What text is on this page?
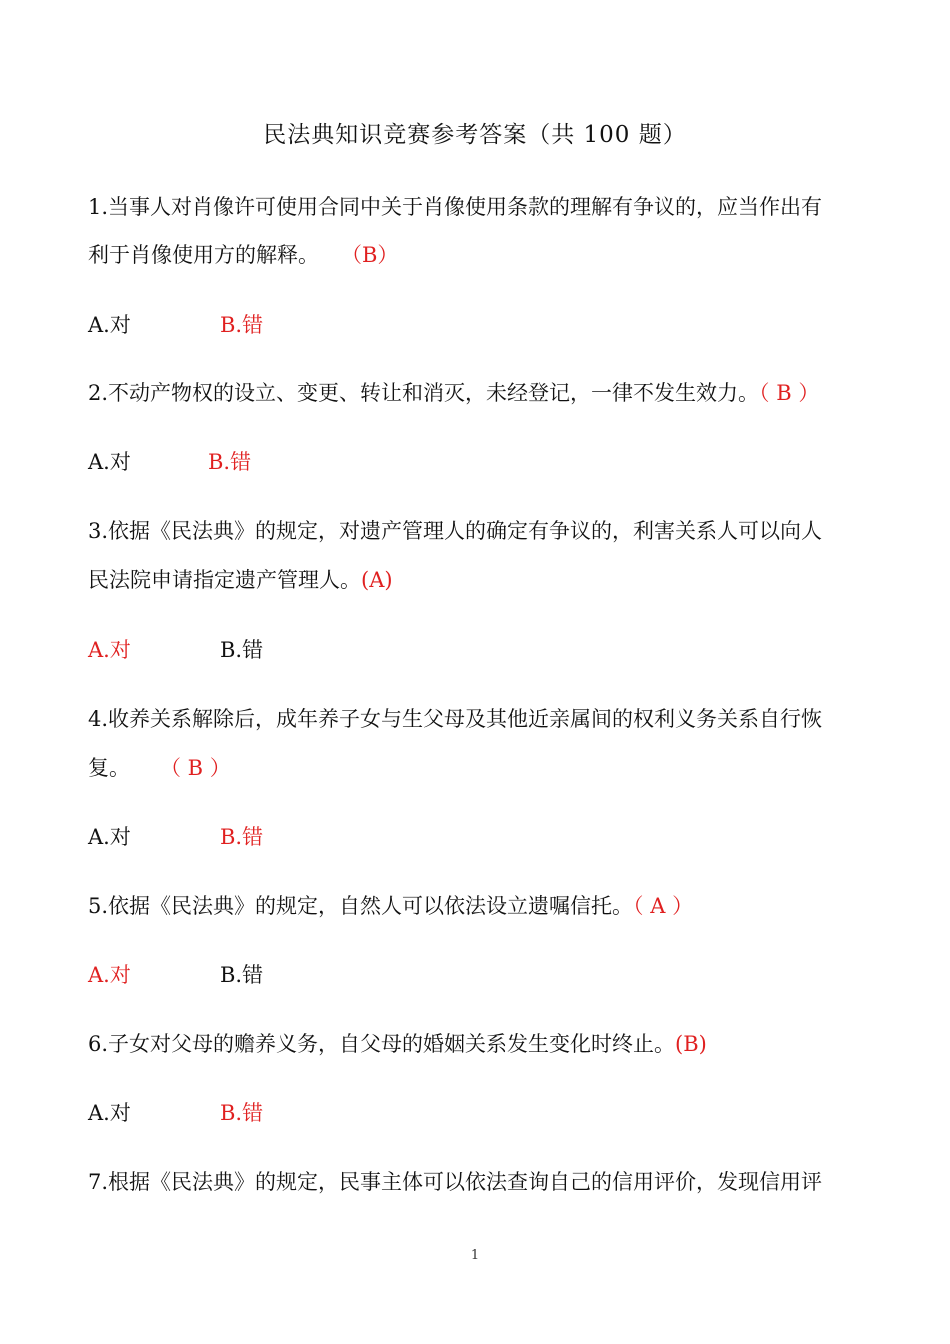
民法典知识竞赛参考答案（共 100 题）
1.当事人对肖像许可使用合同中关于肖像使用条款的理解有争议的，应当作出有
利于肖像使用方的解释。 （B）
A.对	B.错
2.不动产物权的设立、变更、转让和消灭，未经登记，一律不发生效力。（ B ）
A.对	B.错
3.依据《民法典》的规定，对遗产管理人的确定有争议的，利害关系人可以向人
民法院申请指定遗产管理人。(A)
A.对	B.错
4.收养关系解除后，成年养子女与生父母及其他近亲属间的权利义务关系自行恢
复。 （ B ）
A.对	B.错
5.依据《民法典》的规定，自然人可以依法设立遗嘱信托。（ A ）
A.对	B.错
6.子女对父母的赡养义务，自父母的婚姻关系发生变化时终止。(B)
A.对	B.错
7.根据《民法典》的规定，民事主体可以依法查询自己的信用评价，发现信用评
1
